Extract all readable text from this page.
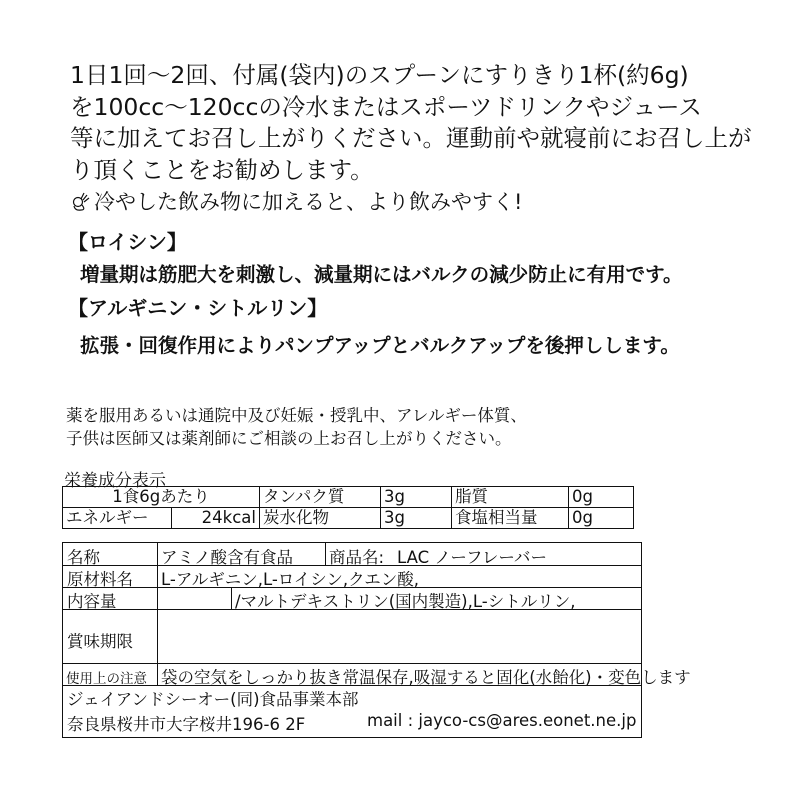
1日1回〜2回、付属(袋内)のスプーンにすりきり1杯(約6g)
を100cc〜120ccの冷水またはスポーツドリンクやジュース
等に加えてお召し上がりください。運動前や就寝前にお召し上が
り頂くことをお勧めします。
冷やした飲み物に加えると、より飲みやすく!
【ロイシン】
増量期は筋肥大を刺激し、減量期にはバルクの減少防止に有用です。
【アルギニン・シトルリン】
拡張・回復作用によりパンプアップとバルクアップを後押しします。
薬を服用あるいは通院中及び妊娠・授乳中、アレルギー体質、
子供は医師又は薬剤師にご相談の上お召し上がりください。
栄養成分表示
1食6gあたり		タンパク質	3g	脂質	0g
エネルギー	24kcal	炭水化物	3g	食塩相当量	0g
名称	アミノ酸含有食品 商品名: LAC ノーフレーバー
原材料名 L-アルギニン,L-ロイシン,クエン酸,
内容量	/マルトデキストリン(国内製造),L-シトルリン,
賞味期限
使用上の注意 袋の空気をしっかり抜き常温保存,吸湿すると固化(水飴化)・変色します
ジェイアンドシーオー(同)食品事業本部
奈良県桜井市大字桜井196-6 2F	mail : jayco-cs@ares.eonet.ne.jp
